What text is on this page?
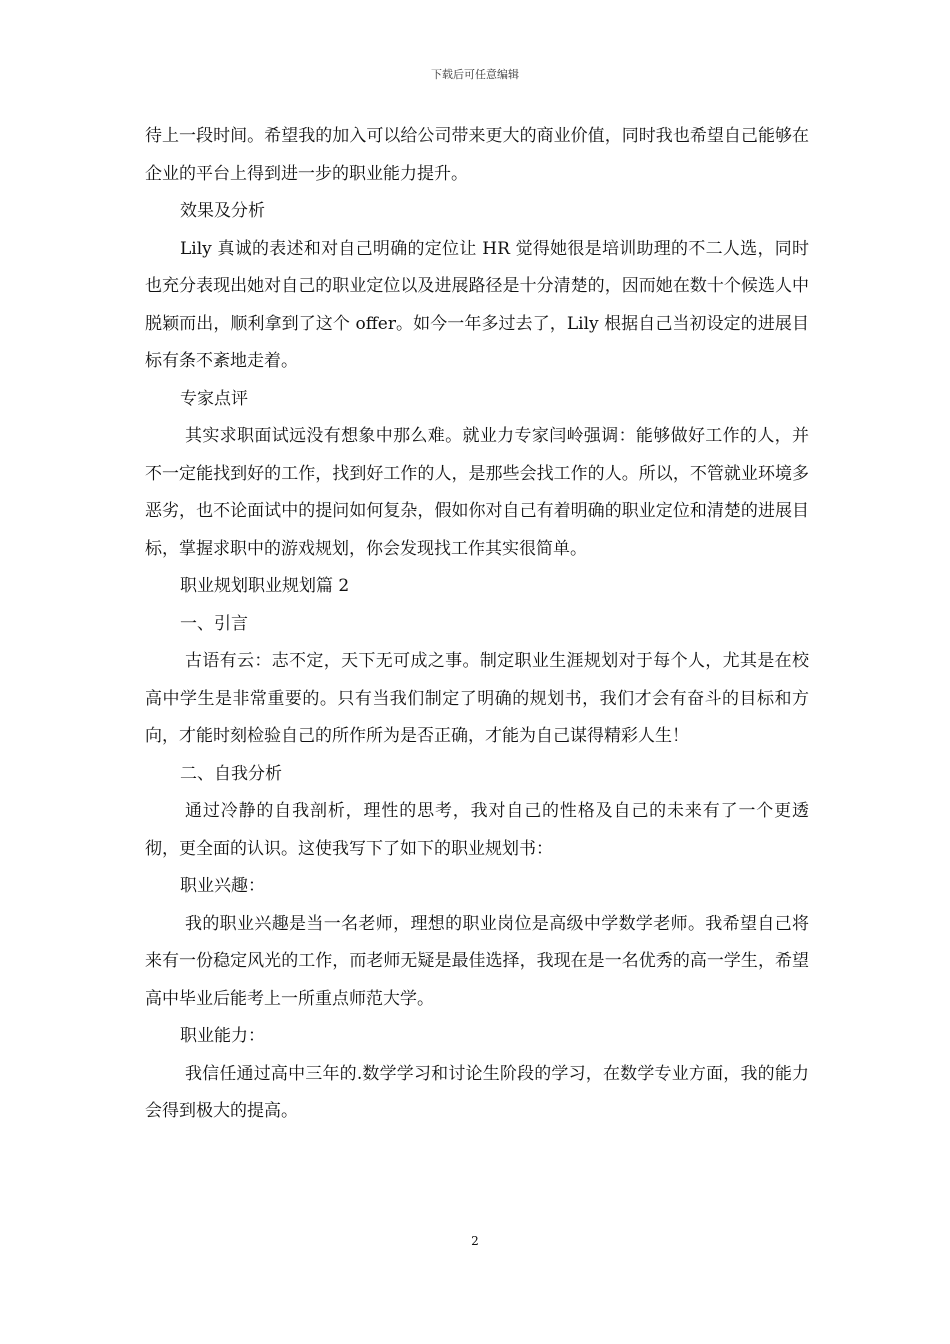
下载后可任意编辑

待上一段时间。希望我的加入可以给公司带来更大的商业价值，同时我也希望自己能够在企业的平台上得到进一步的职业能力提升。

效果及分析

Lily 真诚的表述和对自己明确的定位让 HR 觉得她很是培训助理的不二人选，同时也充分表现出她对自己的职业定位以及进展路径是十分清楚的，因而她在数十个候选人中脱颖而出，顺利拿到了这个 offer。如今一年多过去了，Lily 根据自己当初设定的进展目标有条不紊地走着。

专家点评

其实求职面试远没有想象中那么难。就业力专家闫岭强调：能够做好工作的人，并不一定能找到好的工作，找到好工作的人，是那些会找工作的人。所以，不管就业环境多恶劣，也不论面试中的提问如何复杂，假如你对自己有着明确的职业定位和清楚的进展目标，掌握求职中的游戏规划，你会发现找工作其实很简单。

职业规划职业规划篇 2

一、引言

古语有云：志不定，天下无可成之事。制定职业生涯规划对于每个人，尤其是在校高中学生是非常重要的。只有当我们制定了明确的规划书，我们才会有奋斗的目标和方向，才能时刻检验自己的所作所为是否正确，才能为自己谋得精彩人生！

二、自我分析

通过冷静的自我剖析，理性的思考，我对自己的性格及自己的未来有了一个更透彻，更全面的认识。这使我写下了如下的职业规划书：

职业兴趣：

我的职业兴趣是当一名老师，理想的职业岗位是高级中学数学老师。我希望自己将来有一份稳定风光的工作，而老师无疑是最佳选择，我现在是一名优秀的高一学生，希望高中毕业后能考上一所重点师范大学。

职业能力：

我信任通过高中三年的.数学学习和讨论生阶段的学习，在数学专业方面，我的能力会得到极大的提高。

2
